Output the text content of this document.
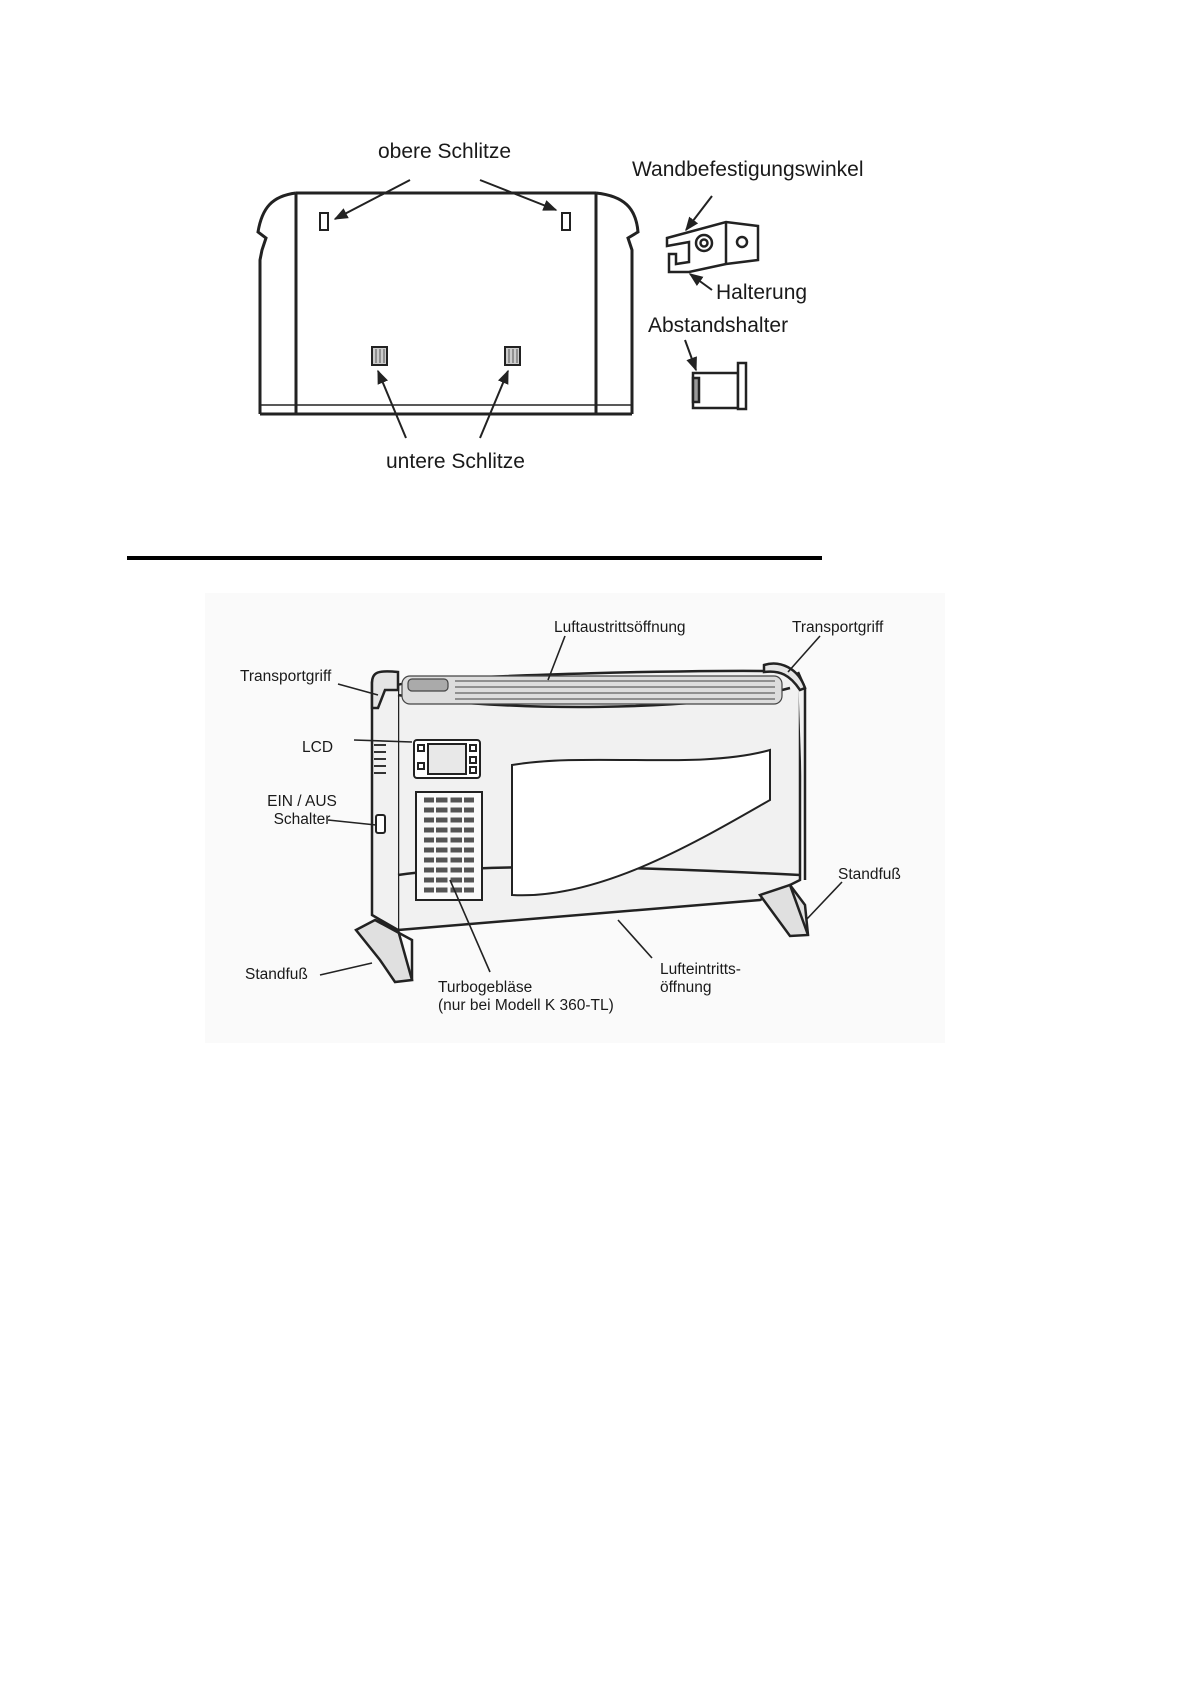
obere Schlitze
untere Schlitze
Wandbefestigungswinkel
Halterung
Abstandshalter
Luftaustrittsöffnung	Transportgriff
Transportgriff
LCD
EIN / AUS
Schalter
Standfuß
Standfuß
Turbogebläse
(nur bei Modell K 360-TL)
Lufteintritts-
öffnung
